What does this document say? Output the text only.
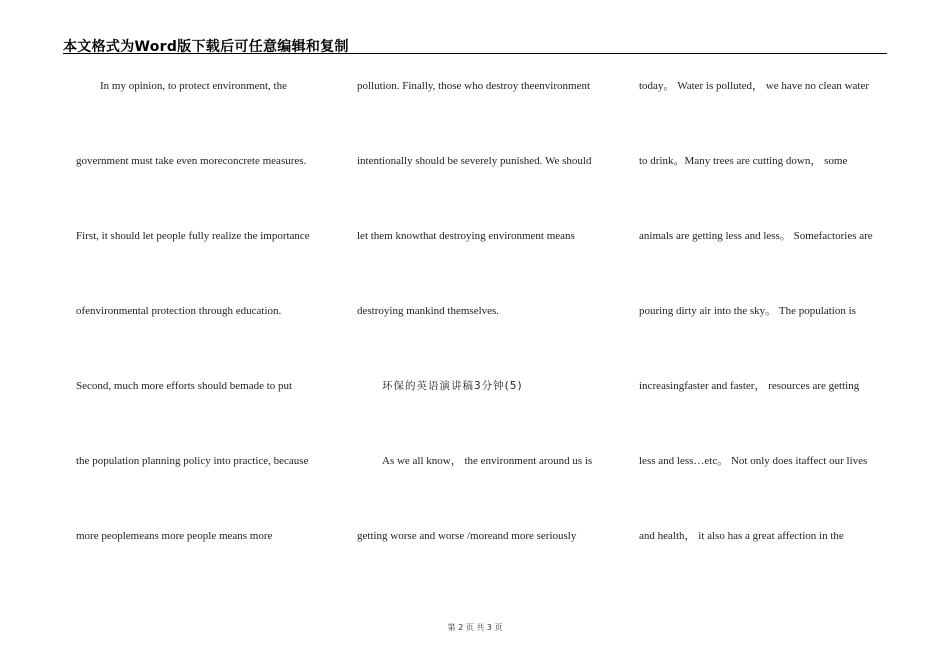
本文格式为Word版下载后可任意编辑和复制
In my opinion, to protect environment, the
government must take even moreconcrete measures.
First, it should let people fully realize the importance
ofenvironmental protection through education.
Second, much more efforts should bemade to put
the population planning policy into practice, because
more peoplemeans more people means more
pollution. Finally, those who destroy theenvironment
intentionally should be severely punished. We should
let them knowthat destroying environment means
destroying mankind themselves.
环保的英语演讲稿3分钟(5)
As we all know， the environment around us is
getting worse and worse /moreand more seriously
today。 Water is polluted， we have no clean water
to drink。Many trees are cutting down， some
animals are getting less and less。 Somefactories are
pouring dirty air into the sky。 The population is
increasingfaster and faster， resources are getting
less and less…etc。 Not only does itaffect our lives
and health， it also has a great affection in the
第 2 页 共 3 页
